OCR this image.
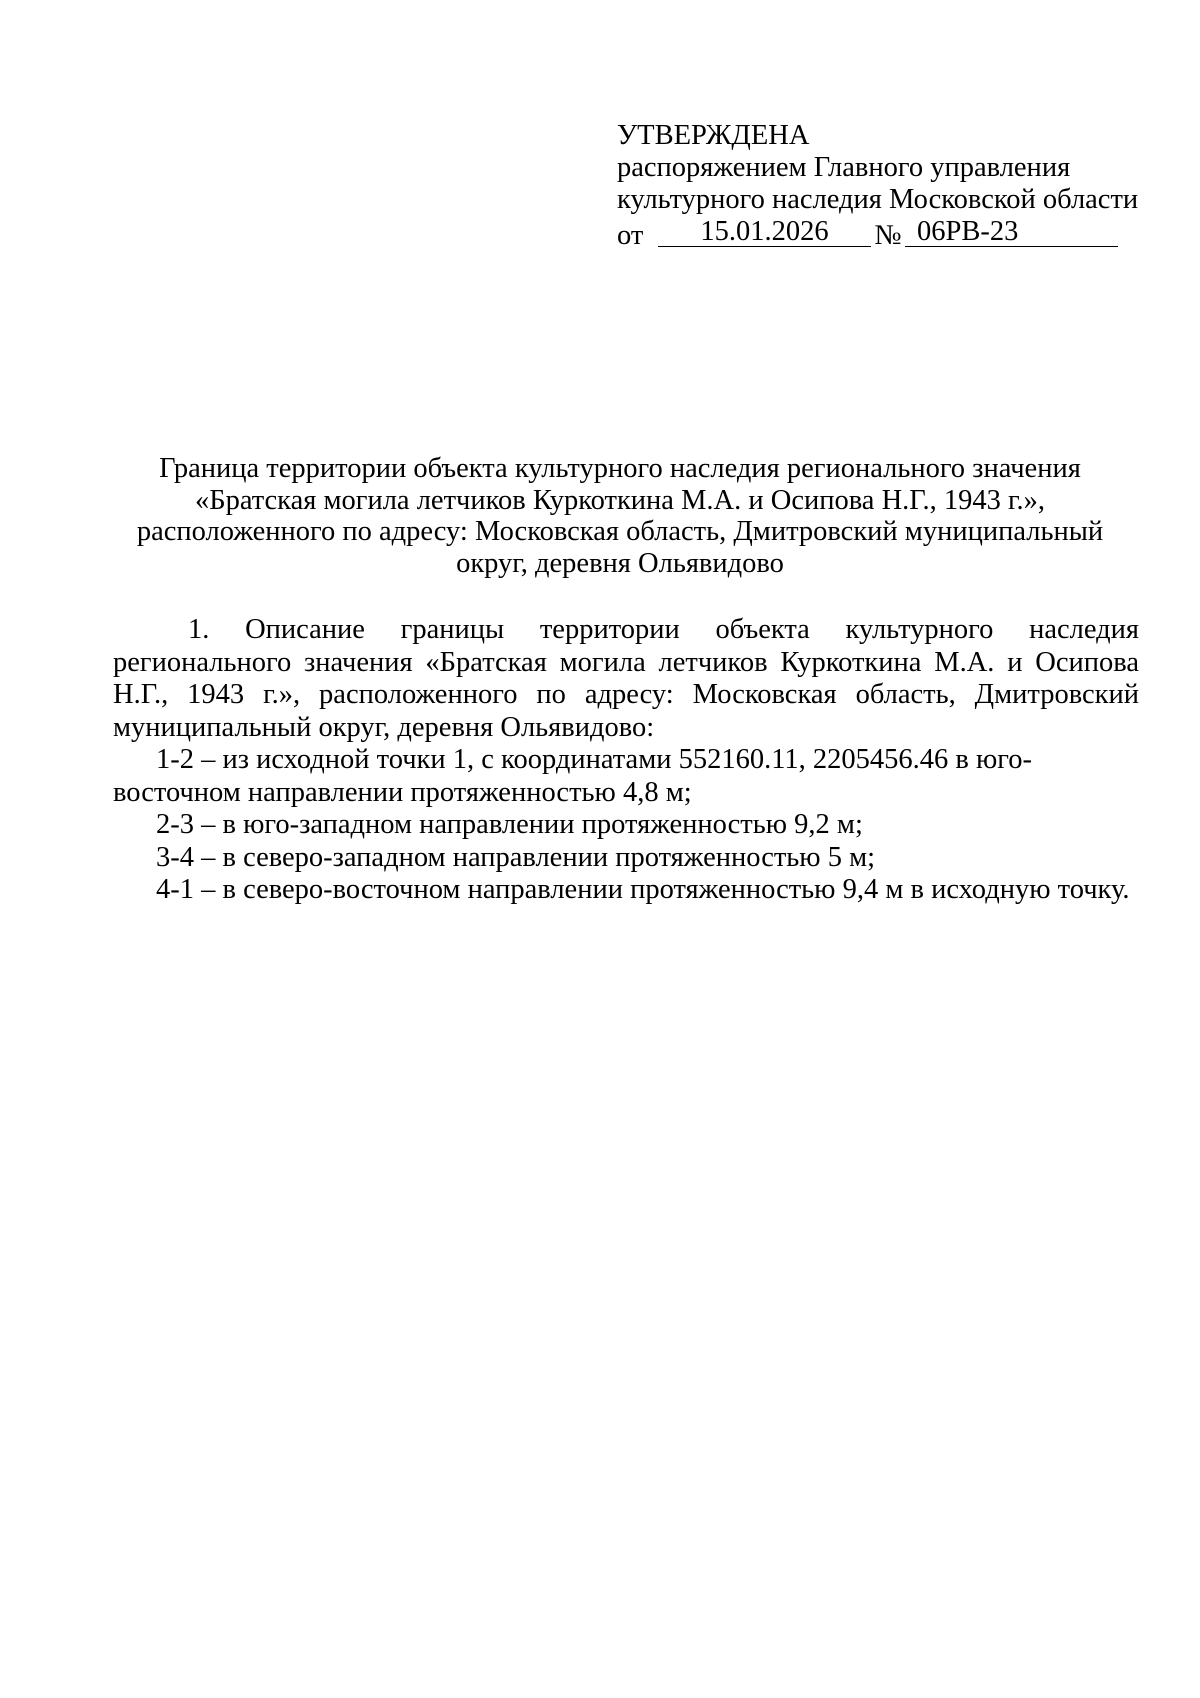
УТВЕРЖДЕНА
распоряжением Главного управления
культурного наследия Московской области
от	15.01.2026	№ 06РВ-23
Граница территории объекта культурного наследия регионального значения
«Братская могила летчиков Куркоткина М.А. и Осипова Н.Г., 1943 г.»,
расположенного по адресу: Московская область, Дмитровский муниципальный
округ, деревня Ольявидово

1. Описание границы территории объекта культурного наследия регионального значения «Братская могила летчиков Куркоткина М.А. и Осипова Н.Г., 1943 г.», расположенного по адресу: Московская область, Дмитровский муниципальный округ, деревня Ольявидово:

1-2 – из исходной точки 1, с координатами 552160.11, 2205456.46 в юго-восточном направлении протяженностью 4,8 м;

2-3 – в юго-западном направлении протяженностью 9,2 м;

3-4 – в северо-западном направлении протяженностью 5 м;

4-1 – в северо-восточном направлении протяженностью 9,4 м в исходную точку.
